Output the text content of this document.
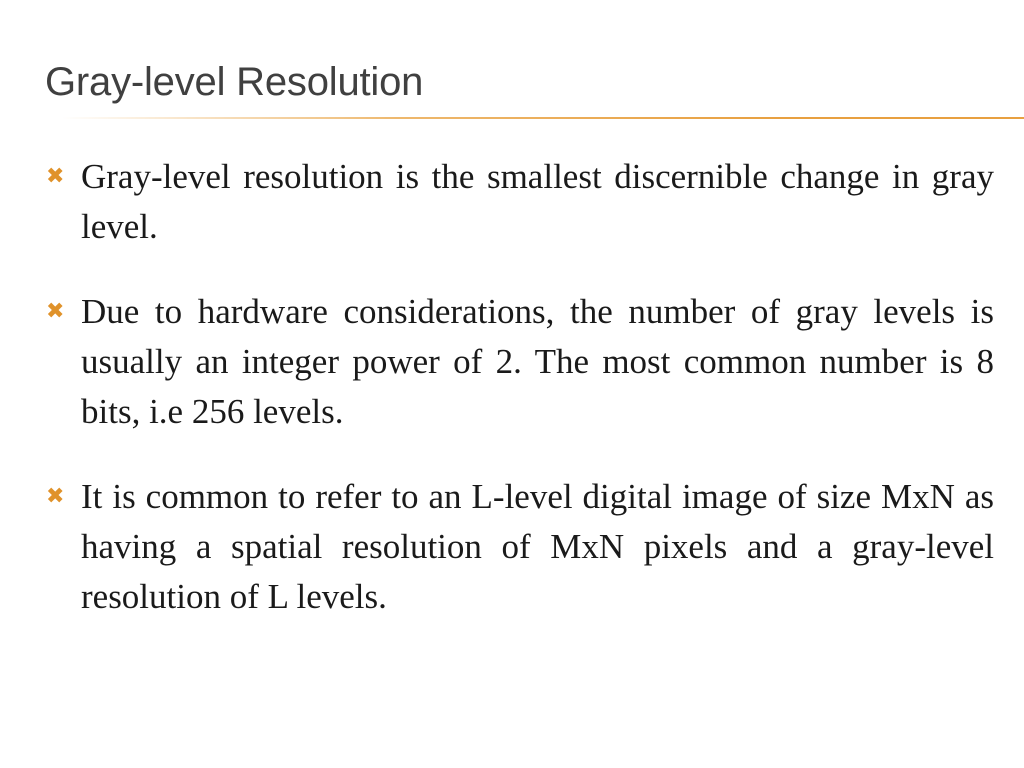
Gray-level Resolution
✖ Gray-level resolution is the smallest discernible change in gray level.
✖ Due to hardware considerations, the number of gray levels is usually an integer power of 2. The most common number is 8 bits, i.e 256 levels.
✖ It is common to refer to an L-level digital image of size MxN as having a spatial resolution of MxN pixels and a gray-level resolution of L levels.
